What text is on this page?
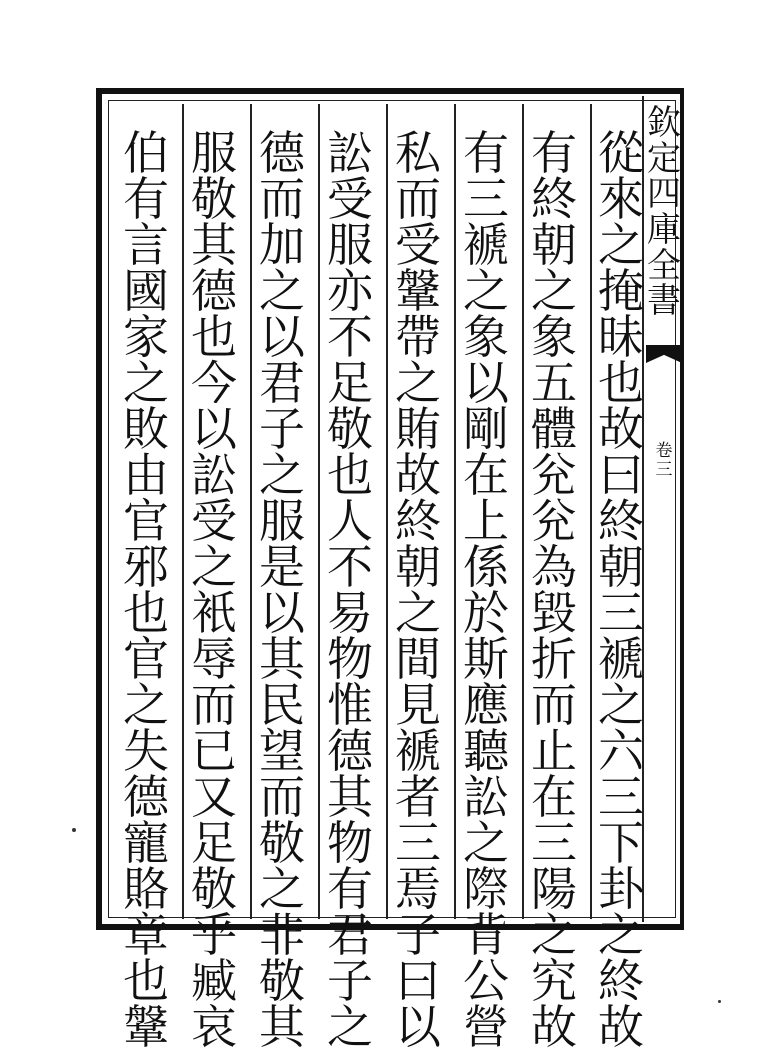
欽
定
四
庫
全
書
卷
三
從
來
之
掩
昧
也
故
曰
終
朝
三
褫
之
六
三
下
卦
之
終
故
有
終
朝
之
象
五
體
兊
兊
為
毀
折
而
止
在
三
陽
之
究
故
有
三
褫
之
象
以
剛
在
上
係
於
斯
應
聽
訟
之
際
背
公
營
私
而
受
鞶
帶
之
賄
故
終
朝
之
間
見
褫
者
三
焉
子
曰
以
訟
受
服
亦
不
足
敬
也
人
不
易
物
惟
德
其
物
有
君
子
之
德
而
加
之
以
君
子
之
服
是
以
其
民
望
而
敬
之
非
敬
其
服
敬
其
德
也
今
以
訟
受
之
衹
辱
而
已
又
足
敬
乎
臧
哀
伯
有
言
國
家
之
敗
由
官
邪
也
官
之
失
德
寵
賂
章
也
鞶
